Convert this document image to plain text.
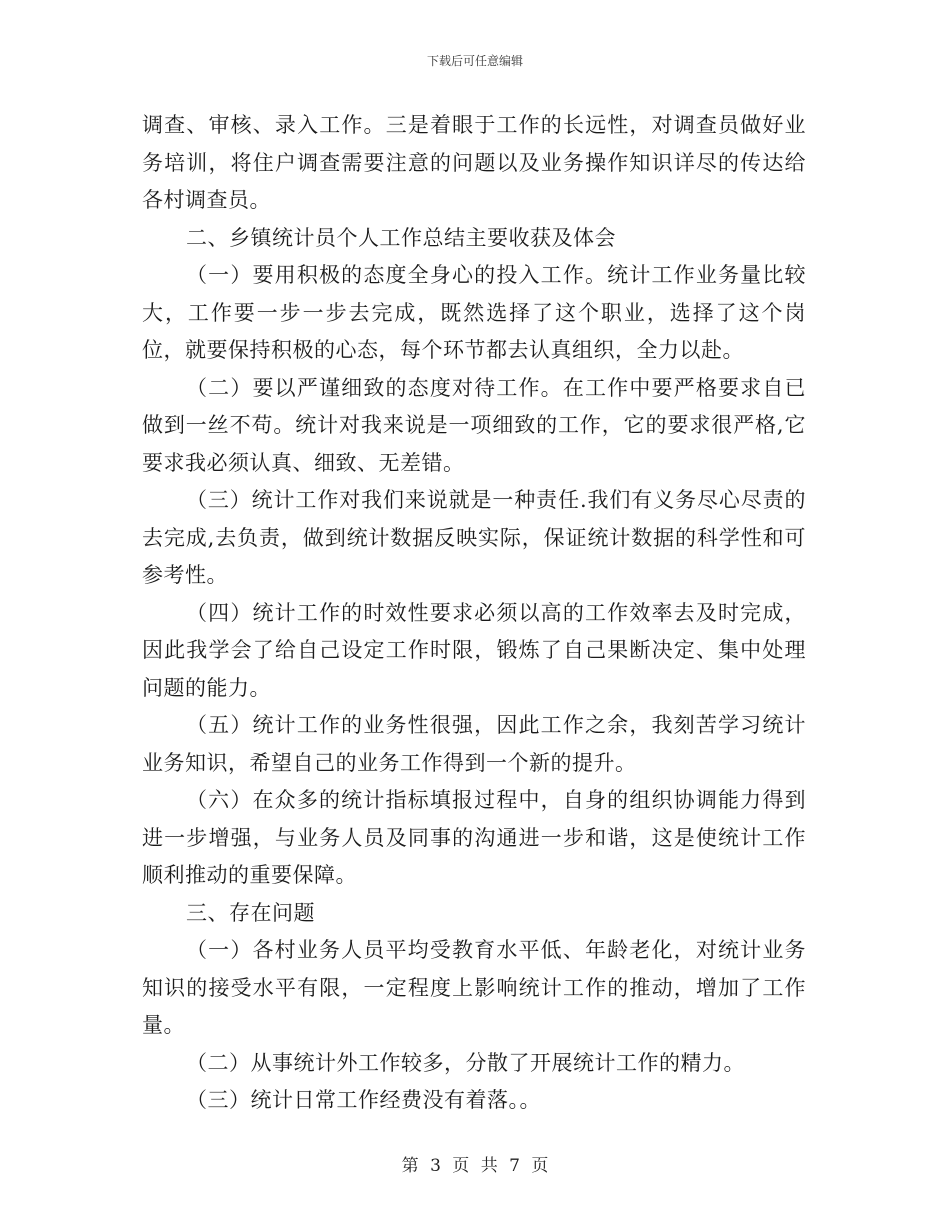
下载后可任意编辑

调查、审核、录入工作。三是着眼于工作的长远性，对调查员做好业务培训，将住户调查需要注意的问题以及业务操作知识详尽的传达给各村调查员。

二、乡镇统计员个人工作总结主要收获及体会

（一）要用积极的态度全身心的投入工作。统计工作业务量比较大，工作要一步一步去完成，既然选择了这个职业，选择了这个岗位，就要保持积极的心态，每个环节都去认真组织，全力以赴。

（二）要以严谨细致的态度对待工作。在工作中要严格要求自已做到一丝不苟。统计对我来说是一项细致的工作，它的要求很严格,它要求我必须认真、细致、无差错。

（三）统计工作对我们来说就是一种责任.我们有义务尽心尽责的去完成,去负责，做到统计数据反映实际，保证统计数据的科学性和可参考性。

（四）统计工作的时效性要求必须以高的工作效率去及时完成，因此我学会了给自己设定工作时限，锻炼了自己果断决定、集中处理问题的能力。

（五）统计工作的业务性很强，因此工作之余，我刻苦学习统计业务知识，希望自己的业务工作得到一个新的提升。

（六）在众多的统计指标填报过程中，自身的组织协调能力得到进一步增强，与业务人员及同事的沟通进一步和谐，这是使统计工作顺利推动的重要保障。

三、存在问题

（一）各村业务人员平均受教育水平低、年龄老化，对统计业务知识的接受水平有限，一定程度上影响统计工作的推动，增加了工作量。

（二）从事统计外工作较多，分散了开展统计工作的精力。

（三）统计日常工作经费没有着落。。

第 3 页 共 7 页
